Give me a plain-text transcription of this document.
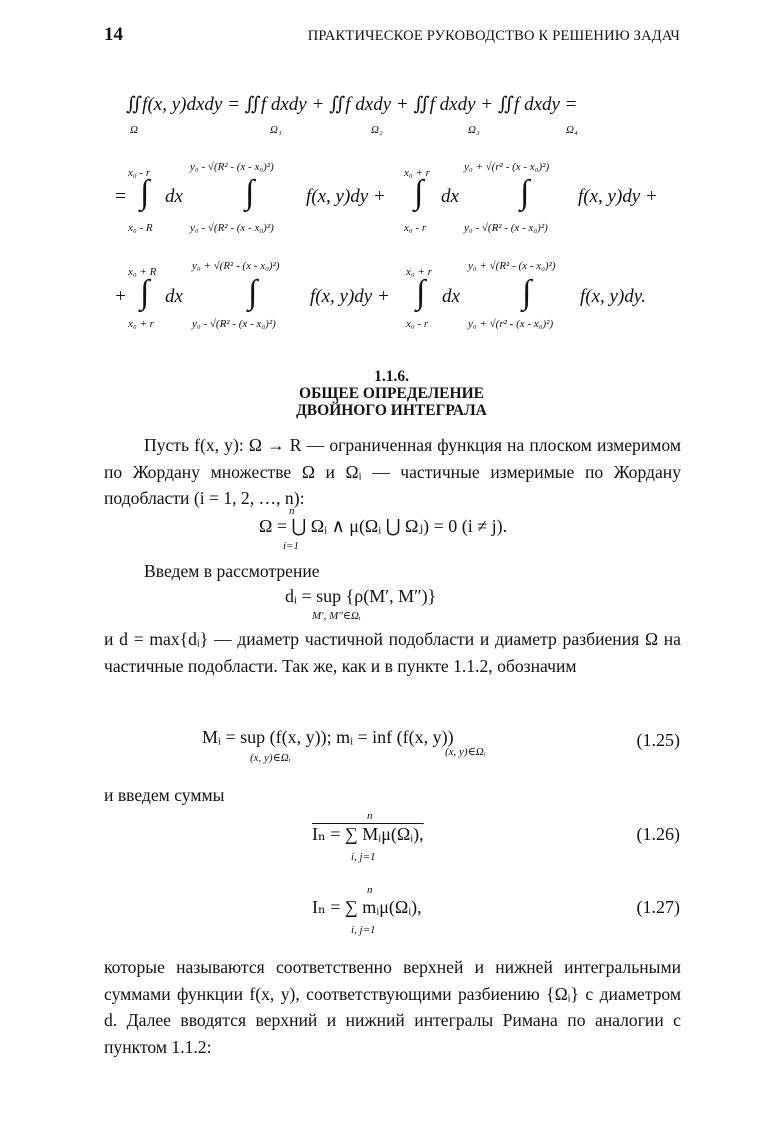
14	ПРАКТИЧЕСКОЕ РУКОВОДСТВО К РЕШЕНИЮ ЗАДАЧ
∬f(x, y)dxdy = ∬f dxdy + ∬f dxdy + ∬f dxdy + ∬f dxdy =
Ω	Ω₁	Ω₂	Ω₃	Ω₄
=
x₀ - r
∫
x₀ - R
dx
y₀ - √(R² - (x - x₀)²)
∫
y₀ - √(R² - (x - x₀)²)
f(x, y)dy +
x₀ + r
∫
x₀ - r
dx
y₀ + √(r² - (x - x₀)²)
∫
y₀ - √(R² - (x - x₀)²)
f(x, y)dy +
+
x₀ + R
∫
x₀ + r
dx
y₀ + √(R² - (x - x₀)²)
∫
y₀ - √(R² - (x - x₀)²)
f(x, y)dy +
x₀ + r
∫
x₀ - r
dx
y₀ + √(R² - (x - x₀)²)
∫
y₀ + √(r² - (x - x₀)²)
f(x, y)dy.
1.1.6.
ОБЩЕЕ ОПРЕДЕЛЕНИЕ
ДВОЙНОГО ИНТЕГРАЛА
Пусть f(x, y): Ω → R — ограниченная функция на плоском измеримом по Жордану множестве Ω и Ωᵢ — частичные измеримые по Жордану подобласти (i = 1, 2, …, n):
n
Ω = ⋃ Ωᵢ ∧ μ(Ωᵢ ⋃ Ωⱼ) = 0 (i ≠ j).
i=1
Введем в рассмотрение
dᵢ = sup {ρ(M′, M″)}
M′, M″∈Ωᵢ
и d = max{dᵢ} — диаметр частичной подобласти и диаметр разбиения Ω на частичные подобласти. Так же, как и в пункте 1.1.2, обозначим
Mᵢ = sup (f(x, y)); mᵢ = inf (f(x, y))
(x, y)∈Ωᵢ	(x, y)∈Ωᵢ
(1.25)
и введем суммы
n
Iₙ = ∑ Mᵢμ(Ωᵢ),
i, j=1
(1.26)
n
Iₙ = ∑ mᵢμ(Ωᵢ),
i, j=1
(1.27)
которые называются соответственно верхней и нижней интегральными суммами функции f(x, y), соответствующими разбиению {Ωᵢ} с диаметром d. Далее вводятся верхний и нижний интегралы Римана по аналогии с пунктом 1.1.2:
